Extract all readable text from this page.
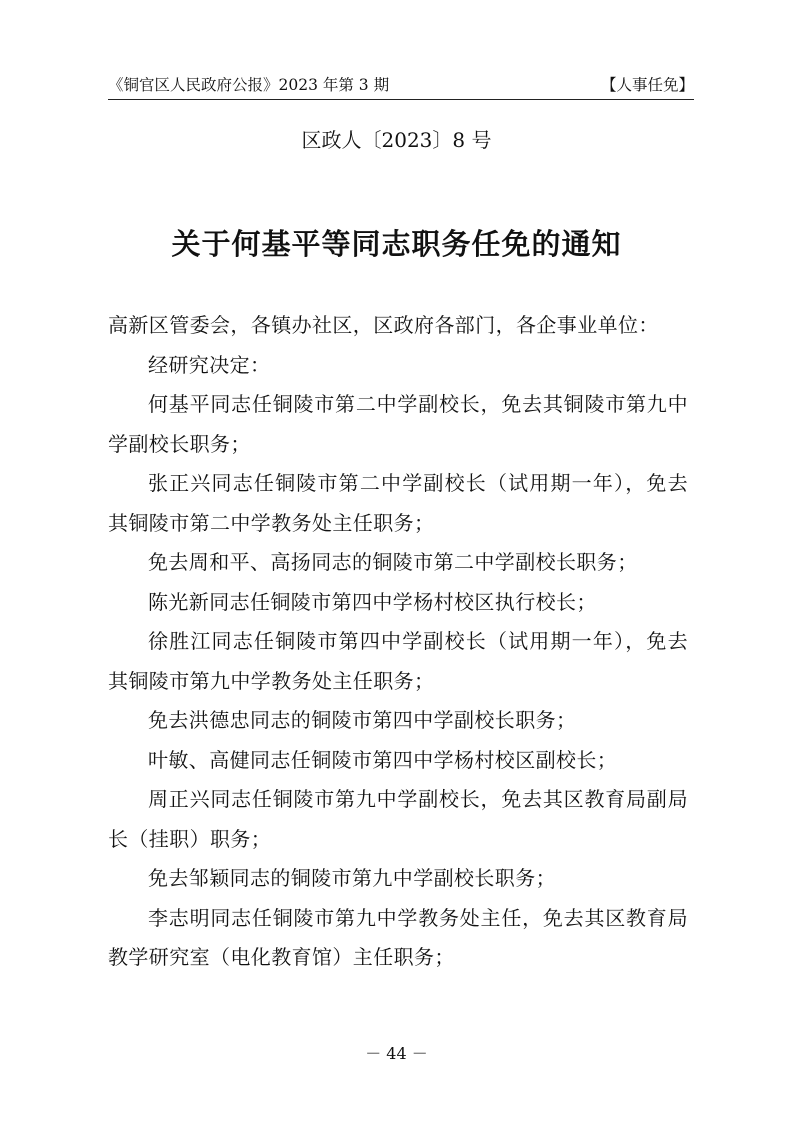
《铜官区人民政府公报》2023 年第 3 期	【人事任免】
区政人〔2023〕8 号
关于何基平等同志职务任免的通知

高新区管委会，各镇办社区，区政府各部门，各企事业单位：

经研究决定：

何基平同志任铜陵市第二中学副校长，免去其铜陵市第九中学副校长职务；

张正兴同志任铜陵市第二中学副校长（试用期一年），免去其铜陵市第二中学教务处主任职务；

免去周和平、高扬同志的铜陵市第二中学副校长职务；

陈光新同志任铜陵市第四中学杨村校区执行校长；

徐胜江同志任铜陵市第四中学副校长（试用期一年），免去其铜陵市第九中学教务处主任职务；

免去洪德忠同志的铜陵市第四中学副校长职务；

叶敏、高健同志任铜陵市第四中学杨村校区副校长；

周正兴同志任铜陵市第九中学副校长，免去其区教育局副局长（挂职）职务；

免去邹颖同志的铜陵市第九中学副校长职务；

李志明同志任铜陵市第九中学教务处主任，免去其区教育局教学研究室（电化教育馆）主任职务；

－ 44 －
